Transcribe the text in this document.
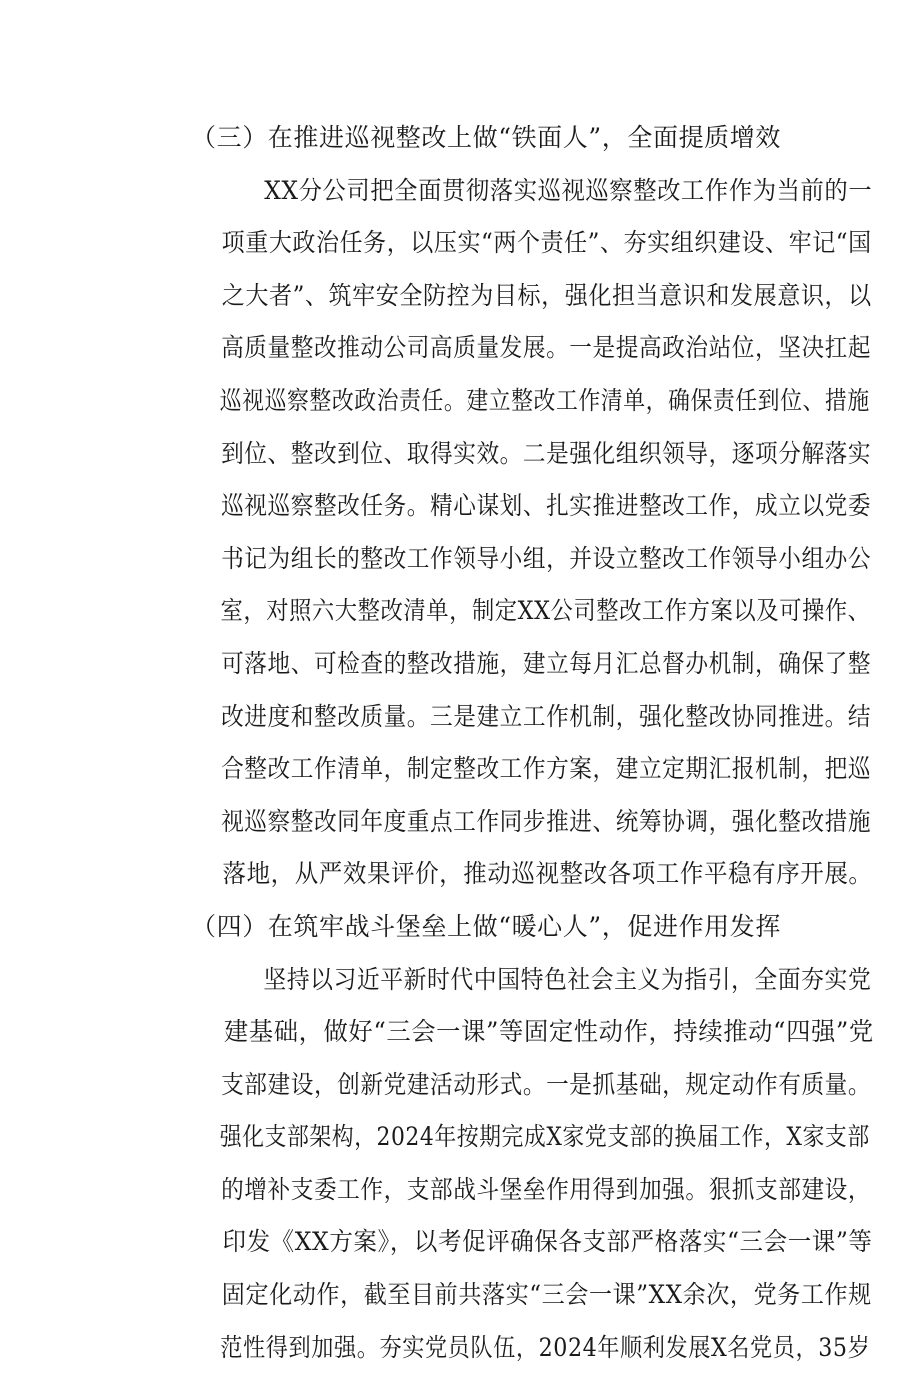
（三）在推进巡视整改上做“铁面人”，全面提质增效
XX分公司把全面贯彻落实巡视巡察整改工作作为当前的一
项重大政治任务，以压实“两个责任”、夯实组织建设、牢记“国
之大者”、筑牢安全防控为目标，强化担当意识和发展意识，以
高质量整改推动公司高质量发展。一是提高政治站位，坚决扛起
巡视巡察整改政治责任。建立整改工作清单，确保责任到位、措施
到位、整改到位、取得实效。二是强化组织领导，逐项分解落实
巡视巡察整改任务。精心谋划、扎实推进整改工作，成立以党委
书记为组长的整改工作领导小组，并设立整改工作领导小组办公
室，对照六大整改清单，制定XX公司整改工作方案以及可操作、
可落地、可检查的整改措施，建立每月汇总督办机制，确保了整
改进度和整改质量。三是建立工作机制，强化整改协同推进。结
合整改工作清单，制定整改工作方案，建立定期汇报机制，把巡
视巡察整改同年度重点工作同步推进、统筹协调，强化整改措施
落地，从严效果评价，推动巡视整改各项工作平稳有序开展。
（四）在筑牢战斗堡垒上做“暖心人”，促进作用发挥
坚持以习近平新时代中国特色社会主义为指引，全面夯实党
建基础，做好“三会一课”等固定性动作，持续推动“四强”党
支部建设，创新党建活动形式。一是抓基础，规定动作有质量。
强化支部架构，2024年按期完成X家党支部的换届工作，X家支部
的增补支委工作，支部战斗堡垒作用得到加强。狠抓支部建设，
印发《XX方案》，以考促评确保各支部严格落实“三会一课”等
固定化动作，截至目前共落实“三会一课”XX余次，党务工作规
范性得到加强。夯实党员队伍，2024年顺利发展X名党员，35岁
